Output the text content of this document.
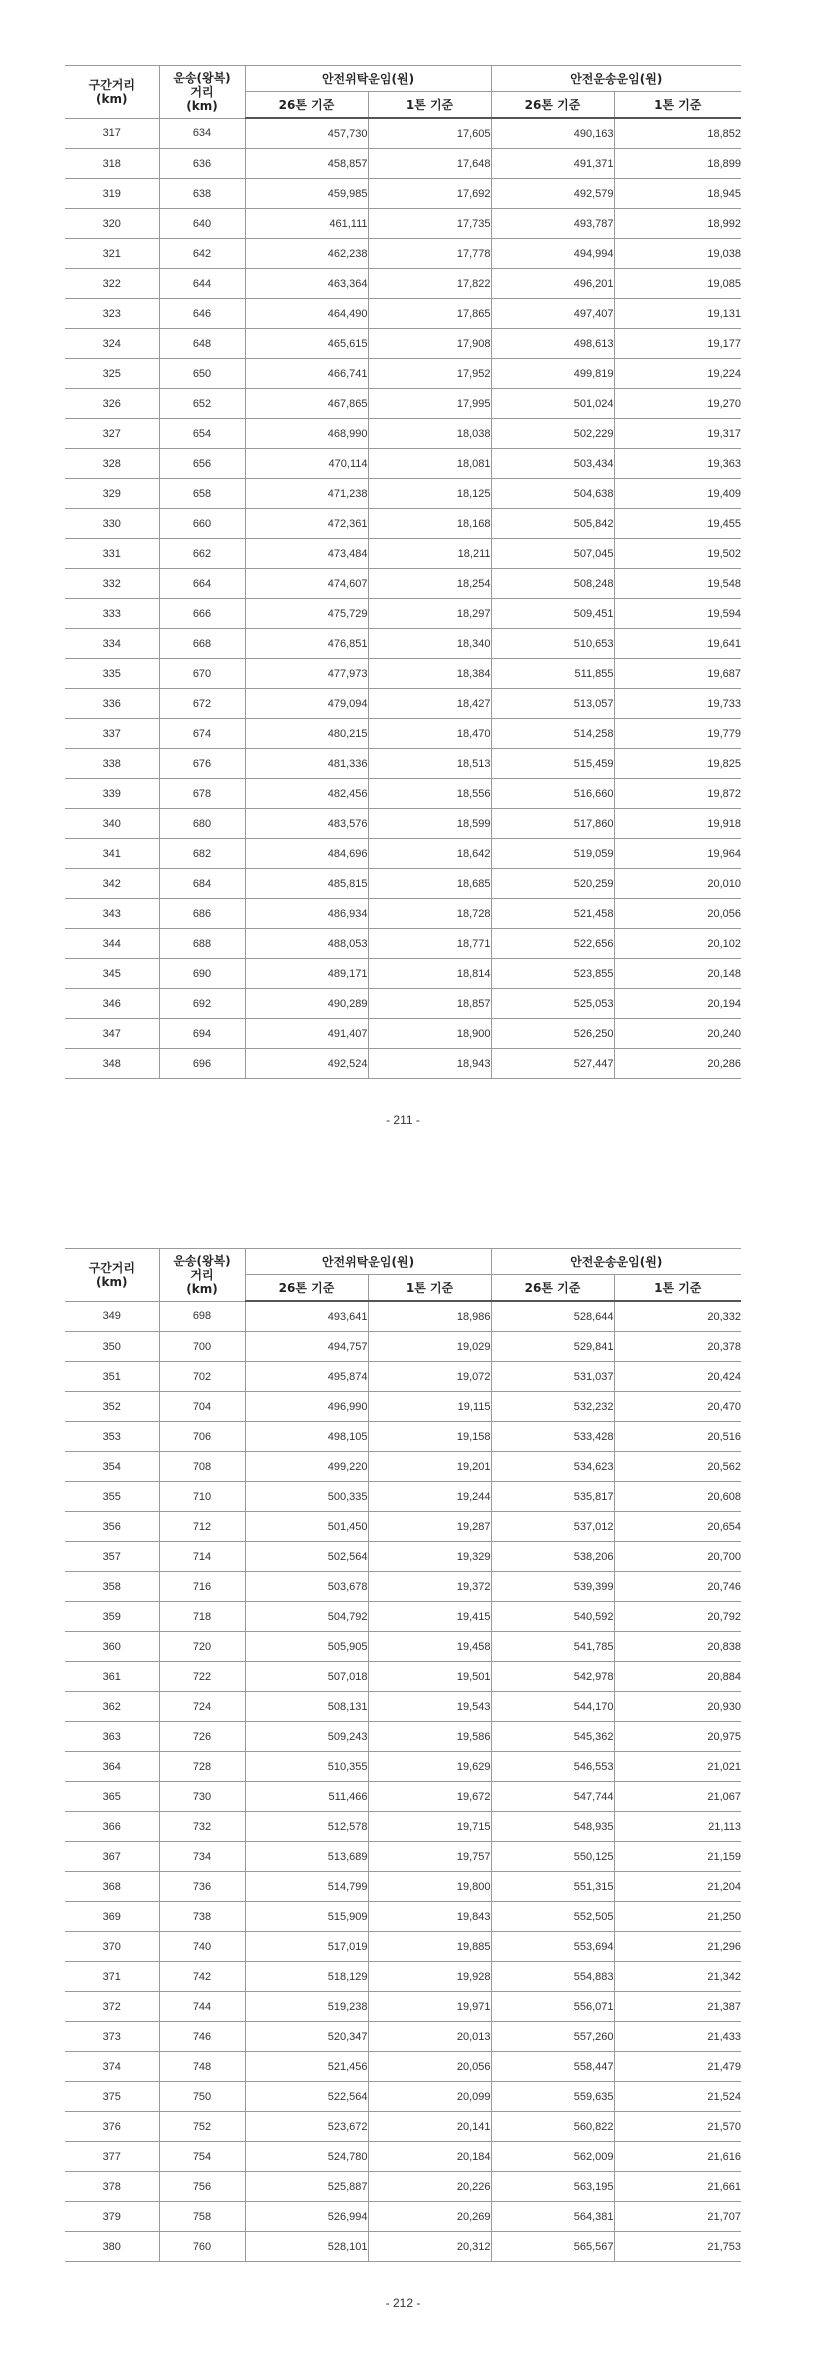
구간거리
(km)	운송(왕복)
거리
(km)	안전위탁운임(원)		안전운송운임(원)	
		26톤 기준	1톤 기준	26톤 기준	1톤 기준
317	634	457,730	17,605	490,163	18,852
318	636	458,857	17,648	491,371	18,899
319	638	459,985	17,692	492,579	18,945
320	640	461,111	17,735	493,787	18,992
321	642	462,238	17,778	494,994	19,038
322	644	463,364	17,822	496,201	19,085
323	646	464,490	17,865	497,407	19,131
324	648	465,615	17,908	498,613	19,177
325	650	466,741	17,952	499,819	19,224
326	652	467,865	17,995	501,024	19,270
327	654	468,990	18,038	502,229	19,317
328	656	470,114	18,081	503,434	19,363
329	658	471,238	18,125	504,638	19,409
330	660	472,361	18,168	505,842	19,455
331	662	473,484	18,211	507,045	19,502
332	664	474,607	18,254	508,248	19,548
333	666	475,729	18,297	509,451	19,594
334	668	476,851	18,340	510,653	19,641
335	670	477,973	18,384	511,855	19,687
336	672	479,094	18,427	513,057	19,733
337	674	480,215	18,470	514,258	19,779
338	676	481,336	18,513	515,459	19,825
339	678	482,456	18,556	516,660	19,872
340	680	483,576	18,599	517,860	19,918
341	682	484,696	18,642	519,059	19,964
342	684	485,815	18,685	520,259	20,010
343	686	486,934	18,728	521,458	20,056
344	688	488,053	18,771	522,656	20,102
345	690	489,171	18,814	523,855	20,148
346	692	490,289	18,857	525,053	20,194
347	694	491,407	18,900	526,250	20,240
348	696	492,524	18,943	527,447	20,286
- 211 -
구간거리
(km)	운송(왕복)
거리
(km)	안전위탁운임(원)		안전운송운임(원)	
		26톤 기준	1톤 기준	26톤 기준	1톤 기준
349	698	493,641	18,986	528,644	20,332
350	700	494,757	19,029	529,841	20,378
351	702	495,874	19,072	531,037	20,424
352	704	496,990	19,115	532,232	20,470
353	706	498,105	19,158	533,428	20,516
354	708	499,220	19,201	534,623	20,562
355	710	500,335	19,244	535,817	20,608
356	712	501,450	19,287	537,012	20,654
357	714	502,564	19,329	538,206	20,700
358	716	503,678	19,372	539,399	20,746
359	718	504,792	19,415	540,592	20,792
360	720	505,905	19,458	541,785	20,838
361	722	507,018	19,501	542,978	20,884
362	724	508,131	19,543	544,170	20,930
363	726	509,243	19,586	545,362	20,975
364	728	510,355	19,629	546,553	21,021
365	730	511,466	19,672	547,744	21,067
366	732	512,578	19,715	548,935	21,113
367	734	513,689	19,757	550,125	21,159
368	736	514,799	19,800	551,315	21,204
369	738	515,909	19,843	552,505	21,250
370	740	517,019	19,885	553,694	21,296
371	742	518,129	19,928	554,883	21,342
372	744	519,238	19,971	556,071	21,387
373	746	520,347	20,013	557,260	21,433
374	748	521,456	20,056	558,447	21,479
375	750	522,564	20,099	559,635	21,524
376	752	523,672	20,141	560,822	21,570
377	754	524,780	20,184	562,009	21,616
378	756	525,887	20,226	563,195	21,661
379	758	526,994	20,269	564,381	21,707
380	760	528,101	20,312	565,567	21,753
- 212 -
